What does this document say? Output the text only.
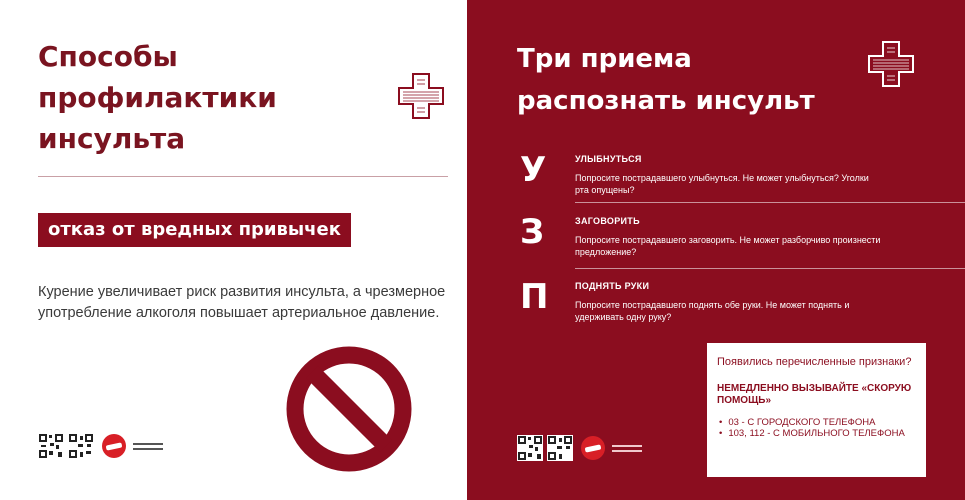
Способы профилактики инсульта
отказ от вредных привычек

Курение увеличивает риск развития инсульта, а чрезмерное употребление алкоголя повышает артериальное давление.

Три приема распознать инсульт
У	УЛЫБНУТЬСЯ
Попросите пострадавшего улыбнуться. Не может улыбнуться? Уголки рта опущены?
З	ЗАГОВОРИТЬ
Попросите пострадавшего заговорить. Не может разборчиво произнести предложение?
П	ПОДНЯТЬ РУКИ
Попросите пострадавшего поднять обе руки. Не может поднять и удерживать одну руку?
Появились перечисленные признаки?
НЕМЕДЛЕННО ВЫЗЫВАЙТЕ «СКОРУЮ ПОМОЩЬ»
• 03 - С ГОРОДСКОГО ТЕЛЕФОНА
• 103, 112 - С МОБИЛЬНОГО ТЕЛЕФОНА
